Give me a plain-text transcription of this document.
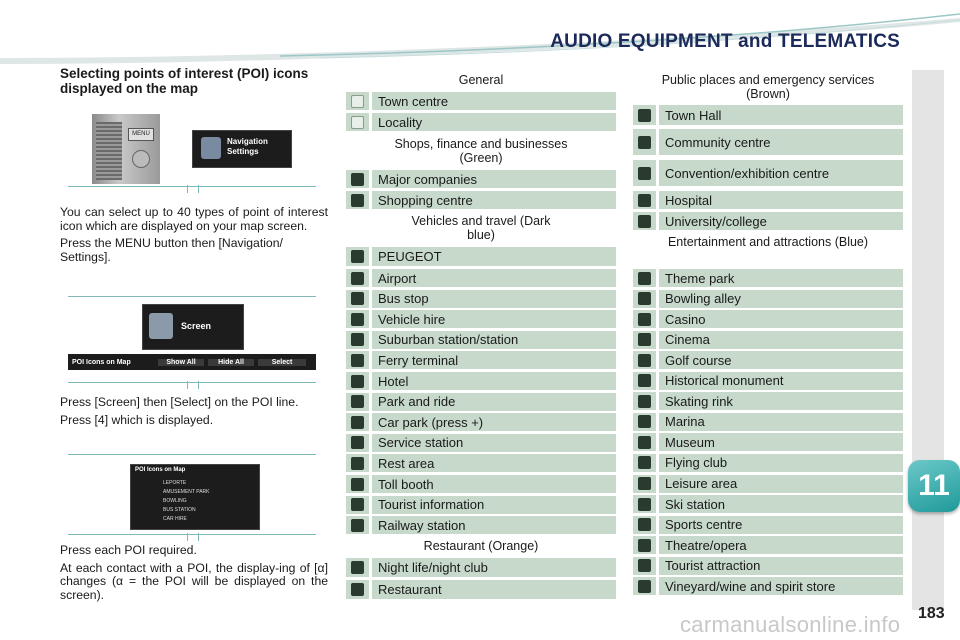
AUDIO EQUIPMENT and TELEMATICS
11
183
carmanualsonline.info
Selecting points of interest (POI) icons displayed on the map
MENU
Navigation Settings

You can select up to 40 types of point of interest icon which are displayed on your map screen.

Press the MENU button then [Navigation/ Settings].

Screen
POI Icons on Map	Show All	Hide All	Select

Press [Screen] then [Select] on the POI line.

Press [4] which is displayed.

POI Icons on Map
LEPORTE
AMUSEMENT PARK
BOWLING
BUS STATION
CAR HIRE

Press each POI required.

At each contact with a POI, the display-ing of [α] changes (α = the POI will be displayed on the screen).

General
Town centre
Locality
Shops, finance and businesses (Green)
Major companies
Shopping centre
Vehicles and travel (Dark blue)
PEUGEOT
Airport
Bus stop
Vehicle hire
Suburban station/station
Ferry terminal
Hotel
Park and ride
Car park (press +)
Service station
Rest area
Toll booth
Tourist information
Railway station
Restaurant (Orange)
Night life/night club
Restaurant
Public places and emergency services (Brown)
Town Hall
Community centre
Convention/exhibition centre
Hospital
University/college
Entertainment and attractions (Blue)
Theme park
Bowling alley
Casino
Cinema
Golf course
Historical monument
Skating rink
Marina
Museum
Flying club
Leisure area
Ski station
Sports centre
Theatre/opera
Tourist attraction
Vineyard/wine and spirit store
